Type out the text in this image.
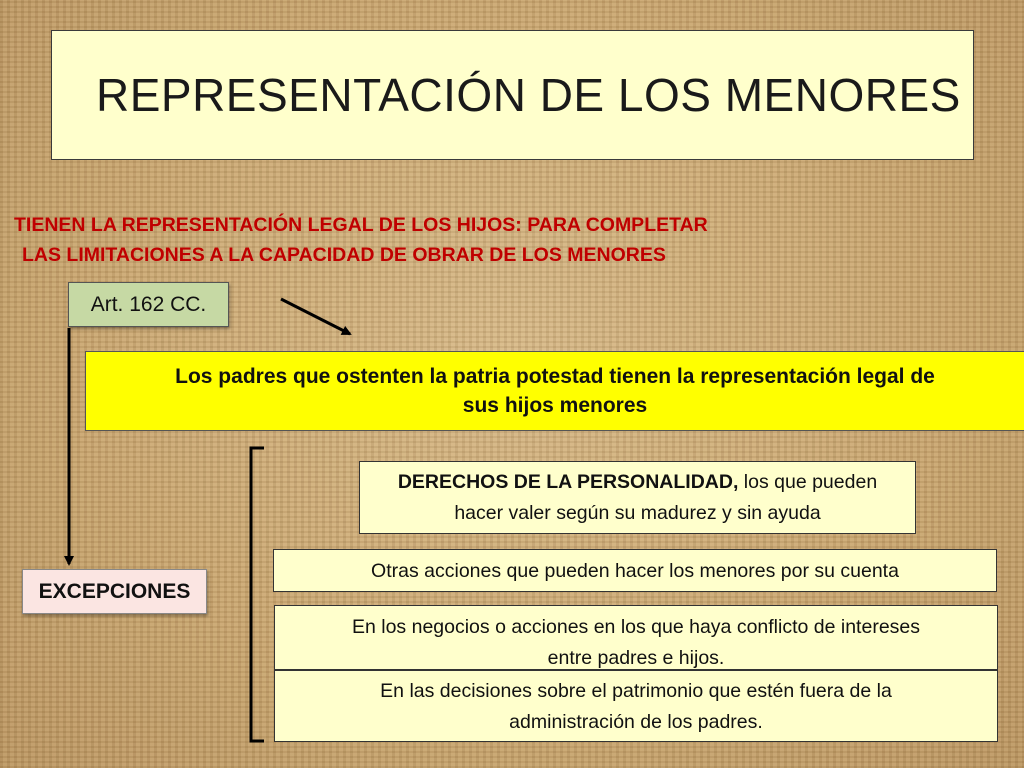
REPRESENTACIÓN DE LOS MENORES
TIENEN LA REPRESENTACIÓN LEGAL DE LOS HIJOS: PARA COMPLETAR
LAS LIMITACIONES A LA CAPACIDAD DE OBRAR DE LOS MENORES
Art. 162 CC.
Los padres que ostenten la patria potestad tienen la representación legal de
sus hijos menores
EXCEPCIONES
DERECHOS DE LA PERSONALIDAD, los que pueden
hacer valer según su madurez y sin ayuda
Otras acciones que pueden hacer los menores por su cuenta
En los negocios o acciones en los que haya conflicto de intereses
entre padres e hijos.
En las decisiones sobre el patrimonio que estén fuera de la
administración de los padres.
